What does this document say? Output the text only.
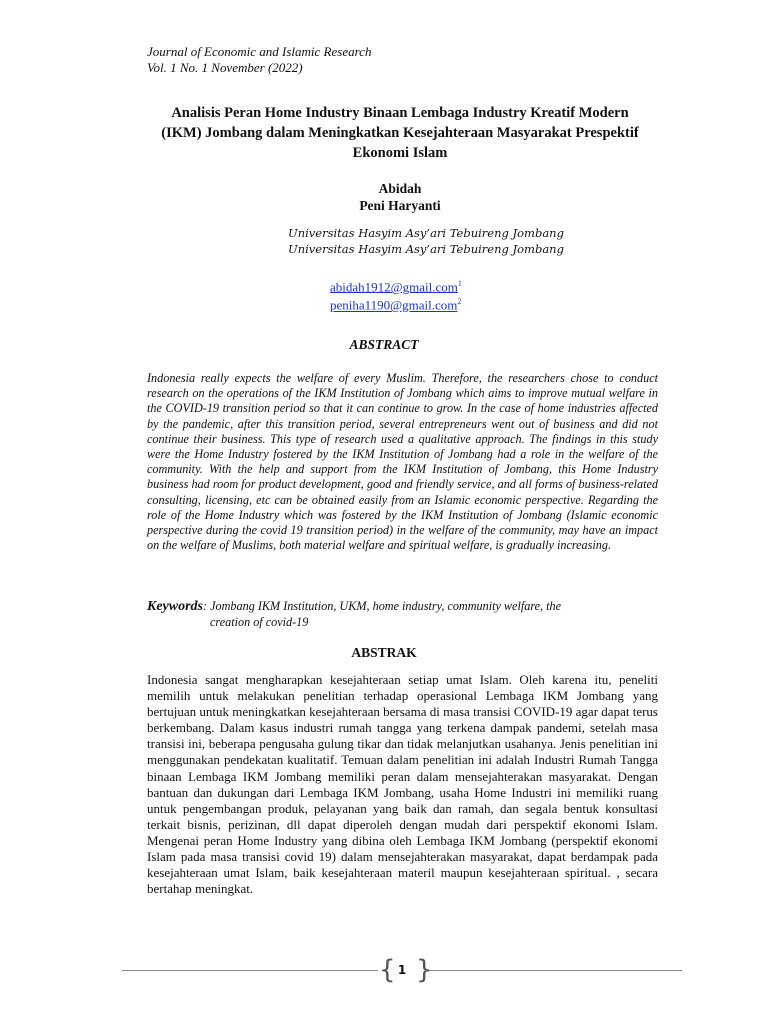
Journal of Economic and Islamic Research
Vol. 1 No. 1 November (2022)
Analisis Peran Home Industry Binaan Lembaga Industry Kreatif Modern
(IKM) Jombang dalam Meningkatkan Kesejahteraan Masyarakat Prespektif
Ekonomi Islam
Abidah
Peni Haryanti
Universitas Hasyim Asy’ari Tebuireng Jombang
Universitas Hasyim Asy’ari Tebuireng Jombang
abidah1912@gmail.com$^1$
peniha1190@gmail.com$^2$
ABSTRACT

Indonesia really expects the welfare of every Muslim. Therefore, the researchers chose to conduct research on the operations of the IKM Institution of Jombang which aims to improve mutual welfare in the COVID-19 transition period so that it can continue to grow. In the case of home industries affected by the pandemic, after this transition period, several entrepreneurs went out of business and did not continue their business. This type of research used a qualitative approach. The findings in this study were the Home Industry fostered by the IKM Institution of Jombang had a role in the welfare of the community. With the help and support from the IKM Institution of Jombang, this Home Industry business had room for product development, good and friendly service, and all forms of business-related consulting, licensing, etc can be obtained easily from an Islamic economic perspective. Regarding the role of the Home Industry which was fostered by the IKM Institution of Jombang (Islamic economic perspective during the covid 19 transition period) in the welfare of the community, may have an impact on the welfare of Muslims, both material welfare and spiritual welfare, is gradually increasing.

Keywords: Jombang IKM Institution, UKM, home industry, community welfare, the
creation of covid-19
ABSTRAK

Indonesia sangat mengharapkan kesejahteraan setiap umat Islam. Oleh karena itu, peneliti memilih untuk melakukan penelitian terhadap operasional Lembaga IKM Jombang yang bertujuan untuk meningkatkan kesejahteraan bersama di masa transisi COVID-19 agar dapat terus berkembang. Dalam kasus industri rumah tangga yang terkena dampak pandemi, setelah masa transisi ini, beberapa pengusaha gulung tikar dan tidak melanjutkan usahanya. Jenis penelitian ini menggunakan pendekatan kualitatif. Temuan dalam penelitian ini adalah Industri Rumah Tangga binaan Lembaga IKM Jombang memiliki peran dalam mensejahterakan masyarakat. Dengan bantuan dan dukungan dari Lembaga IKM Jombang, usaha Home Industri ini memiliki ruang untuk pengembangan produk, pelayanan yang baik dan ramah, dan segala bentuk konsultasi terkait bisnis, perizinan, dll dapat diperoleh dengan mudah dari perspektif ekonomi Islam. Mengenai peran Home Industry yang dibina oleh Lembaga IKM Jombang (perspektif ekonomi Islam pada masa transisi covid 19) dalam mensejahterakan masyarakat, dapat berdampak pada kesejahteraan umat Islam, baik kesejahteraan materil maupun kesejahteraan spiritual. , secara bertahap meningkat.

{ }
1
